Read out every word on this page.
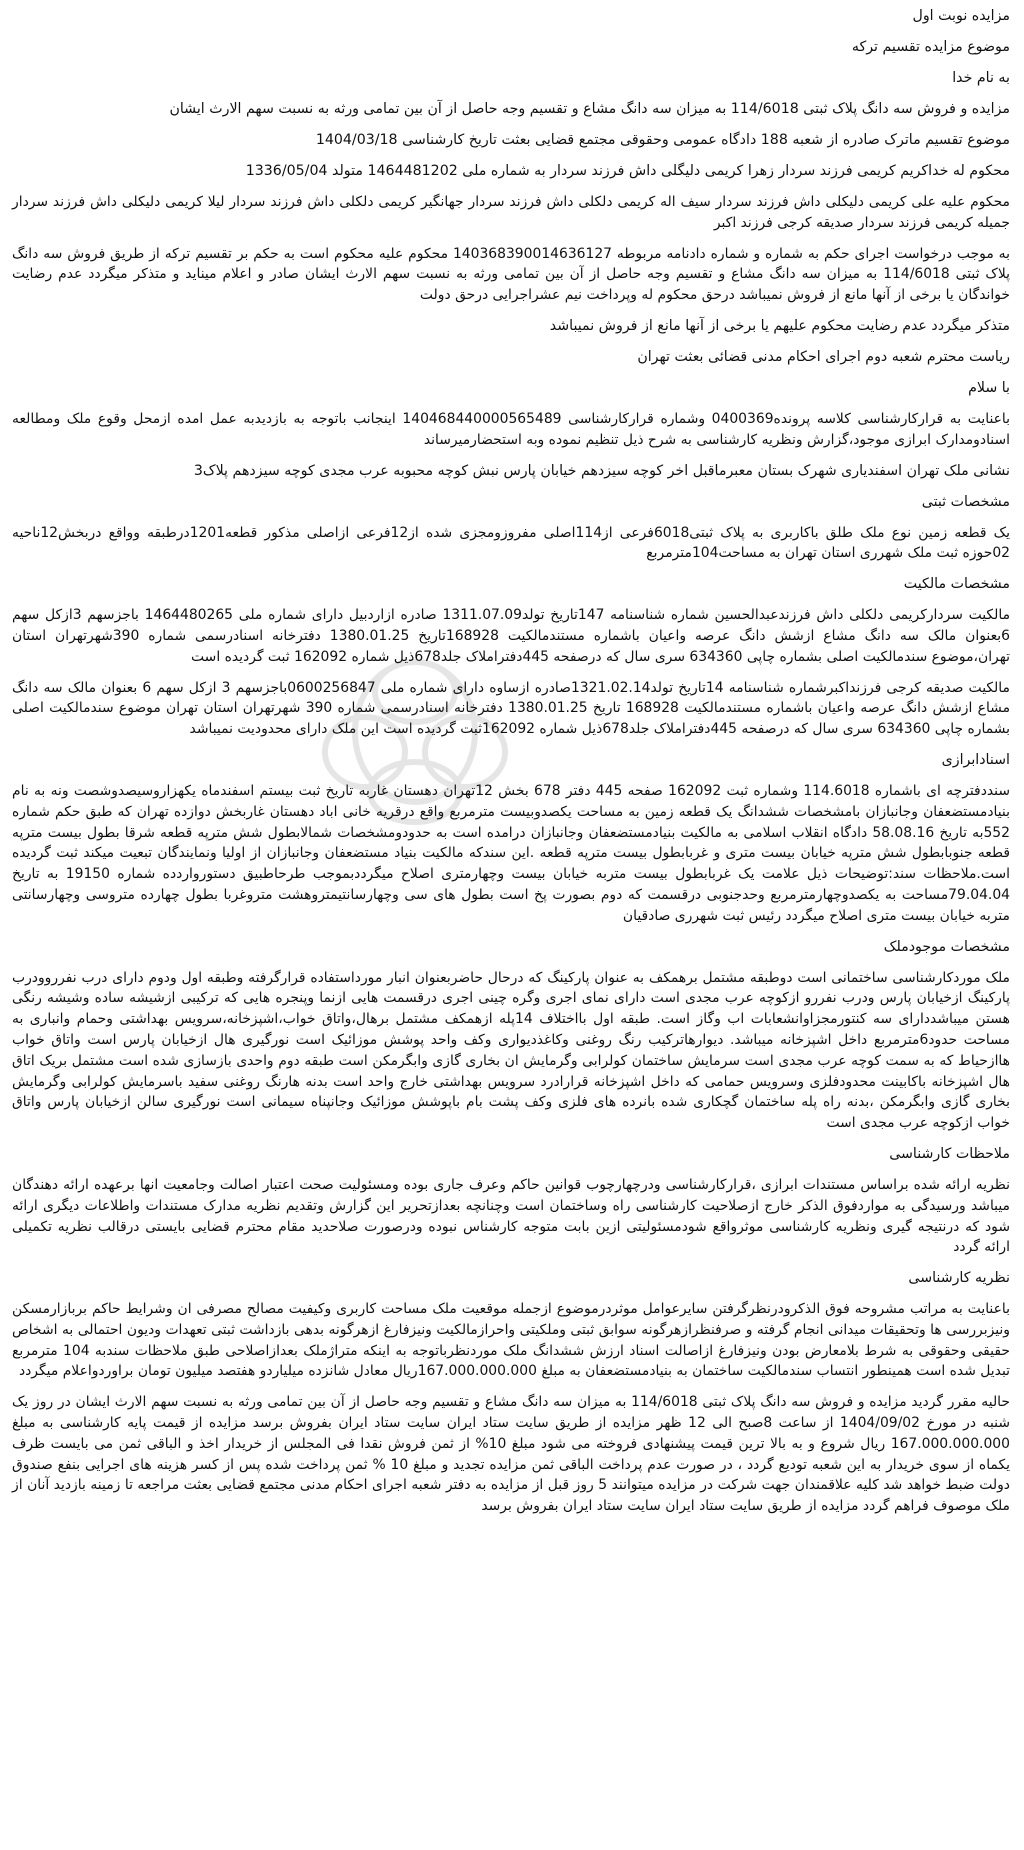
مزایده نوبت اول
موضوع مزایده تقسیم ترکه
به نام خدا
مزایده و فروش سه دانگ پلاک ثبتی 114/6018 به میزان سه دانگ مشاع و تقسیم وجه حاصل از آن بین تمامی ورثه به نسبت سهم الارث ایشان
موضوع تقسیم ماترک صادره از شعبه 188 دادگاه عمومی وحقوقی مجتمع قضایی بعثت تاریخ کارشناسی 1404/03/18
محکوم له خداکریم کریمی فرزند سردار زهرا کریمی دلیگلی داش فرزند سردار به شماره ملی 1464481202 متولد 1336/05/04
محکوم علیه علی کریمی دلیکلی داش فرزند سردار سیف اله کریمی دلکلی داش فرزند سردار جهانگیر کریمی دلکلی داش فرزند سردار لیلا کریمی دلیکلی داش فرزند سردار جمیله کریمی فرزند سردار صدیقه کرجی فرزند اکبر
به موجب درخواست اجرای حکم به شماره و شماره دادنامه مربوطه 140368390014636127 محکوم علیه محکوم است به حکم بر تقسیم ترکه از طریق فروش سه دانگ پلاک ثبتی 114/6018 به میزان سه دانگ مشاع و تقسیم وجه حاصل از آن بین تمامی ورثه به نسبت سهم الارث ایشان صادر و اعلام میناید و متذکر میگردد عدم رضایت خواندگان یا برخی از آنها مانع از فروش نمیباشد درحق محکوم له وپرداخت نیم عشراجرایی درحق دولت
متذکر میگردد عدم رضایت محکوم علیهم یا برخی از آنها مانع از فروش نمیباشد
ریاست محترم شعبه دوم اجرای احکام مدنی قضائی بعثت تهران
با سلام
باعنایت به قرارکارشناسی کلاسه پرونده0400369 وشماره قرارکارشناسی 140468440000565489 اینجانب باتوجه به بازدیدبه عمل امده ازمحل وقوع ملک ومطالعه اسنادومدارک ابرازی موجود،گزارش ونظریه کارشناسی به شرح ذیل تنظیم نموده وبه استحضارمیرساند
نشانی ملک تهران اسفندیاری شهرک بستان معبرماقبل اخر کوچه سیزدهم خیابان پارس نبش کوچه محبوبه عرب مجدی کوچه سیزدهم پلاک3
مشخصات ثبتی
یک قطعه زمین نوع ملک طلق باکاربری به پلاک ثبتی6018فرعی از114اصلی مفروزومجزی شده از12فرعی ازاصلی مذکور قطعه1201درطبقه وواقع دربخش12ناحیه 02حوزه ثبت ملک شهرری استان تهران به مساحت104مترمربع
مشخصات مالکیت
مالکیت سردارکریمی دلکلی داش فرزندعبدالحسین شماره شناسنامه 147تاریخ تولد1311.07.09 صادره ازاردبیل دارای شماره ملی 1464480265 باجزسهم 3ازکل سهم 6بعنوان مالک سه دانگ مشاع ازشش دانگ عرصه واعیان باشماره مستندمالکیت 168928تاریخ 1380.01.25 دفترخانه اسنادرسمی شماره 390شهرتهران استان تهران،موضوع سندمالکیت اصلی بشماره چاپی 634360 سری سال که درصفحه 445دفتراملاک جلد678ذیل شماره 162092 ثبت گردیده است
مالکیت صدیقه کرجی فرزنداکبرشماره شناسنامه 14تاریخ تولد1321.02.14صادره ازساوه دارای شماره ملی 0600256847باجزسهم 3 ازکل سهم 6 بعنوان مالک سه دانگ مشاع ازشش دانگ عرصه واعیان باشماره مستندمالکیت 168928 تاریخ 1380.01.25 دفترخانه اسنادرسمی شماره 390 شهرتهران استان تهران موضوع سندمالکیت اصلی بشماره چاپی 634360 سری سال که درصفحه 445دفتراملاک جلد678ذیل شماره 162092ثبت گردیده است این ملک دارای محدودیت نمیباشد
اسنادابرازی
سنددفترچه ای باشماره 114.6018 وشماره ثبت 162092 صفحه 445 دفتر 678 بخش 12تهران دهستان غاربه تاریخ ثبت بیستم اسفندماه یکهزاروسیصدوشصت ونه به نام بنیادمستضعفان وجانبازان بامشخصات ششدانگ یک قطعه زمین به مساحت یکصدوبیست مترمربع واقع درقریه خانی اباد دهستان غاربخش دوازده تهران که طبق حکم شماره 552به تاریخ 58.08.16 دادگاه انقلاب اسلامی به مالکیت بنیادمستضعفان وجانبازان درامده است به حدودومشخصات شمالابطول شش مترپه قطعه شرقا بطول بیست مترپه قطعه جنوبابطول شش مترپه خیابان بیست متری و غربابطول بیست مترپه قطعه .این سندکه مالکیت بنیاد مستضعفان وجانبازان از اولیا ونمایندگان تبعیت میکند ثبت گردیده است.ملاحظات سند:توضیحات ذیل علامت یک غربابطول بیست متربه خیابان بیست وچهارمتری اصلاح میگرددبموجب طرحاطبیق دستورواردده شماره 19150 به تاریخ 79.04.04مساحت به یکصدوچهارمترمربع وحدجنوبی درقسمت که دوم بصورت پخ است بطول های سی وچهارسانتیمتروهشت متروغربا بطول چهارده متروسی وچهارسانتی متربه خیابان بیست متری اصلاح میگردد رئیس ثبت شهرری صادقیان
مشخصات موجودملک
ملک موردکارشناسی ساختمانی است دوطبقه مشتمل برهمکف به عنوان پارکینگ که درحال حاضربعنوان انبار مورداستفاده قرارگرفته وطبقه اول ودوم دارای درب نفرروودرب پارکینگ ازخیابان پارس ودرب نفررو ازکوچه عرب مجدی است دارای نمای اجری وگره چینی اجری درقسمت هایی ازنما وپنجره هایی که ترکیبی ازشیشه ساده وشیشه رنگی هستن میباشددارای سه کنتورمجزاوانشعابات اب وگاز است. طبقه اول بااختلاف 14پله ازهمکف مشتمل برهال،واتاق خواب،اشپزخانه،سرویس بهداشتی وحمام وانباری به مساحت حدود6مترمربع داخل اشپزخانه میباشد. دیوارهاترکیب رنگ روغنی وکاغذدیواری وکف واحد پوشش موزائیک است نورگیری هال ازخیابان پارس است واتاق خواب هاازحیاط که به سمت کوچه عرب مجدی است سرمایش ساختمان کولرابی وگرمایش ان بخاری گازی وابگرمکن است طبقه دوم واحدی بازسازی شده است مشتمل بریک اتاق هال اشپزخانه باکابینت محدودفلزی وسرویس حمامی که داخل اشپزخانه قرارادرد سرویس بهداشتی خارج واحد است بدنه هارنگ روغنی سفید باسرمایش کولرابی وگرمایش بخاری گازی وابگرمکن ،بدنه راه پله ساختمان گچکاری شده بانرده های فلزی وکف پشت بام باپوشش موزائیک وجانپناه سیمانی است نورگیری سالن ازخیابان پارس واتاق خواب ازکوچه عرب مجدی است
ملاحظات کارشناسی
نظریه ارائه شده براساس مستندات ابرازی ،قرارکارشناسی ودرچهارچوب قوانین حاکم وعرف جاری بوده ومسئولیت صحت اعتبار اصالت وجامعیت انها برعهده ارائه دهندگان میباشد ورسیدگی به مواردفوق الذکر خارج ازصلاحیت کارشناسی راه وساختمان است وچنانچه بعدازتحریر این گزارش وتقدیم نظریه مدارک مستندات واطلاعات دیگری ارائه شود که درنتیجه گیری ونظریه کارشناسی موثرواقع شودمسئولیتی ازین بابت متوجه کارشناس نبوده ودرصورت صلاحدید مقام محترم قضایی بایستی درقالب نظریه تکمیلی ارائه گردد
نظریه کارشناسی
باعنایت به مراتب مشروحه فوق الذکرودرنظرگرفتن سایرعوامل موثردرموضوع ازجمله موقعیت ملک مساحت کاربری وکیفیت مصالح مصرفی ان وشرایط حاکم بربازارمسکن ونیزبررسی ها وتحقیقات میدانی انجام گرفته و صرفنظرازهرگونه سوابق ثبتی وملکیتی واحرازمالکیت ونیزفارغ ازهرگونه بدهی بازداشت ثبتی تعهدات ودیون احتمالی به اشخاص حقیقی وحقوقی به شرط بلامعارض بودن ونیزفارغ ازاصالت اسناد ارزش ششدانگ ملک موردنظرباتوجه به اینکه متراژملک بعدازاصلاحی طبق ملاحظات سندبه 104 مترمربع تبدیل شده است همینطور انتساب سندمالکیت ساختمان به بنیادمستضعفان به مبلغ 167.000.000.000ریال معادل شانزده میلیاردو هفتصد میلیون تومان براوردواعلام میگردد
حالیه مقرر گردید مزایده و فروش سه دانگ پلاک ثبتی 114/6018 به میزان سه دانگ مشاع و تقسیم وجه حاصل از آن بین تمامی ورثه به نسبت سهم الارث ایشان در روز یک شنبه در مورخ 1404/09/02 از ساعت 8صبح الی 12 ظهر مزایده از طریق سایت ستاد ایران سایت ستاد ایران بفروش برسد مزایده از قیمت پایه کارشناسی به مبلغ 167.000.000.000 ریال شروع و به بالا ترین قیمت پیشنهادی فروخته می شود مبلغ 10% از ثمن فروش نقدا فی المجلس از خریدار اخذ و الباقی ثمن می بایست ظرف یکماه از سوی خریدار به این شعبه تودیع گردد ، در صورت عدم پرداخت الباقی ثمن مزایده تجدید و مبلغ 10 % ثمن پرداخت شده پس از کسر هزینه های اجرایی بنفع صندوق دولت ضبط خواهد شد کلیه علاقمندان جهت شرکت در مزایده میتوانند 5 روز قبل از مزایده به دفتر شعبه اجرای احکام مدنی مجتمع قضایی بعثت مراجعه تا زمینه بازدید آنان از ملک موصوف فراهم گردد مزایده از طریق سایت ستاد ایران سایت ستاد ایران بفروش برسد
